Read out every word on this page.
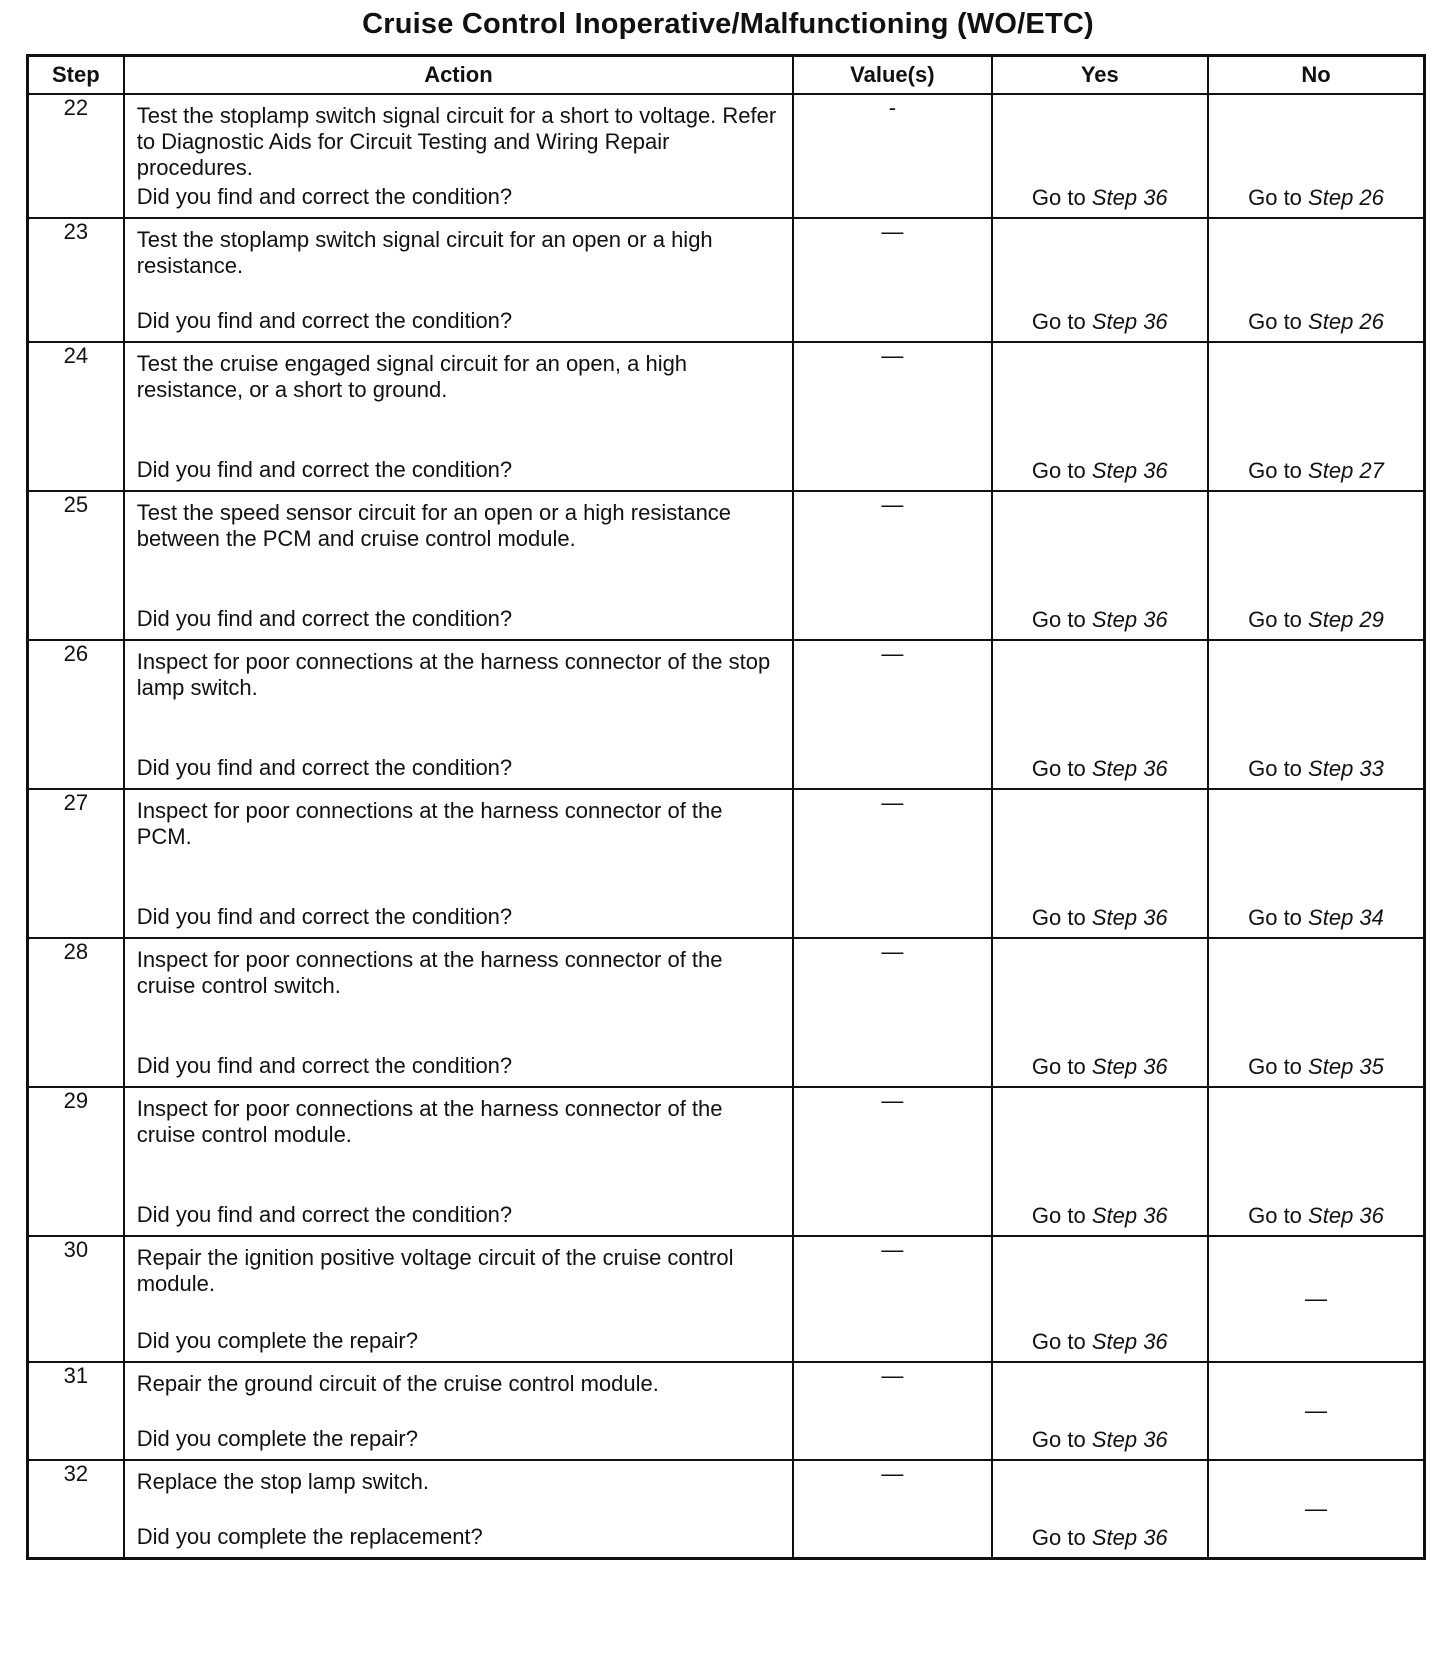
Cruise Control Inoperative/Malfunctioning (WO/ETC)
Step	Action	Value(s)	Yes	No
22	Test the stoplamp switch signal circuit for a short to voltage. Refer to Diagnostic Aids for Circuit Testing and Wiring Repair procedures.
Did you find and correct the condition?	-	Go to Step 36	Go to Step 26

23	Test the stoplamp switch signal circuit for an open or a high resistance.
Did you find and correct the condition?	—	Go to Step 36	Go to Step 26

24	Test the cruise engaged signal circuit for an open, a high resistance, or a short to ground.
Did you find and correct the condition?	—	Go to Step 36	Go to Step 27

25	Test the speed sensor circuit for an open or a high resistance between the PCM and cruise control module.
Did you find and correct the condition?	—	Go to Step 36	Go to Step 29

26	Inspect for poor connections at the harness connector of the stop lamp switch.
Did you find and correct the condition?	—	Go to Step 36	Go to Step 33

27	Inspect for poor connections at the harness connector of the PCM.
Did you find and correct the condition?	—	Go to Step 36	Go to Step 34

28	Inspect for poor connections at the harness connector of the cruise control switch.
Did you find and correct the condition?	—	Go to Step 36	Go to Step 35

29	Inspect for poor connections at the harness connector of the cruise control module.
Did you find and correct the condition?	—	Go to Step 36	Go to Step 36

30	Repair the ignition positive voltage circuit of the cruise control module.
Did you complete the repair?	—	Go to Step 36	—

31	Repair the ground circuit of the cruise control module.
Did you complete the repair?	—	Go to Step 36	—

32	Replace the stop lamp switch.
Did you complete the replacement?	—	Go to Step 36	—
